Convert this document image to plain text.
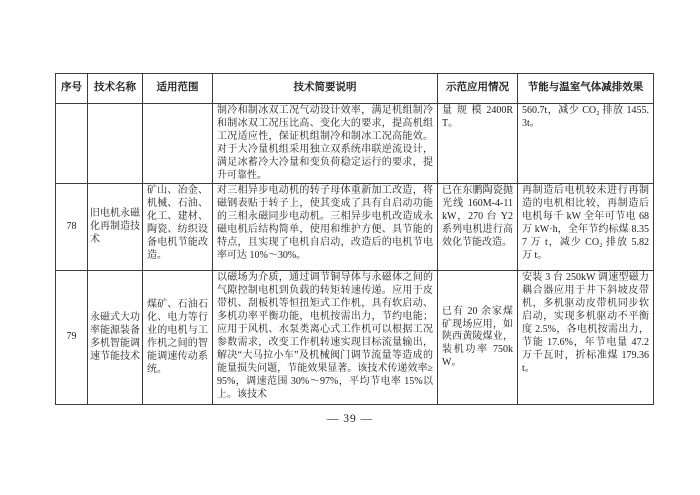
序号	技术名称	适用范围	技术简要说明	示范应用情况	节能与温室气体减排效果

			制冷和制冰双工况气动设计效率，满足机组制冷和制冰双工况压比高、变化大的要求，提高机组工况适应性，保证机组制冷和制冰工况高能效。对于大冷量机组采用独立双系统串联逆流设计，满足冰蓄冷大冷量和变负荷稳定运行的要求，提升可靠性。	量规模2400RT。	560.7t，减少 CO₂ 排放 1455.3t。

78	旧电机永磁化再制造技术	矿山、冶金、机械、石油、化工、建材、陶瓷、纺织设备电机节能改造。	对三相异步电动机的转子母体重新加工改造，将磁钢表贴于转子上，使其变成了具有自启动功能的三相永磁同步电动机。三相异步电机改造成永磁电机后结构简单，使用和维护方便、具节能的特点，且实现了电机自启动，改造后的电机节电率可达 10%～30%。	已在东鹏陶瓷抛光线 160M-4-11kW，270 台 Y2 系列电机进行高效化节能改造。	再制造后电机较未进行再制造的电机相比较，再制造后电机每千 kW 全年可节电 68 万 kW·h，全年节约标煤 8.357 万 t，减少 CO₂ 排放 5.82 万 t。

79	永磁式大功率能源装备多机智能调速节能技术	煤矿、石油石化、电力等行业的电机与工作机之间的智能调速传动系统。	以磁场为介质，通过调节铜导体与永磁体之间的气隙控制电机到负载的转矩转速传递。应用于皮带机、刮板机等恒扭矩式工作机，具有软启动、多机功率平衡功能，电机按需出力，节约电能；应用于风机、水泵类离心式工作机可以根据工况参数需求，改变工作机转速实现目标流量输出，解决“大马拉小车”及机械阀门调节流量等造成的能量损失问题，节能效果显著。该技术传递效率≥95%，调速范围 30%～97%，平均节电率 15%以上。该技术	已有 20 余家煤矿现场应用，如陕西黄陵煤业，装机功率 750kW。	安装 3 台 250kW 调速型磁力耦合器应用于井下斜坡皮带机，多机驱动皮带机同步软启动，实现多机驱动不平衡度 2.5%，各电机按需出力，节能 17.6%，年节电量 47.2 万千瓦时，折标准煤 179.36t。
— 39 —
